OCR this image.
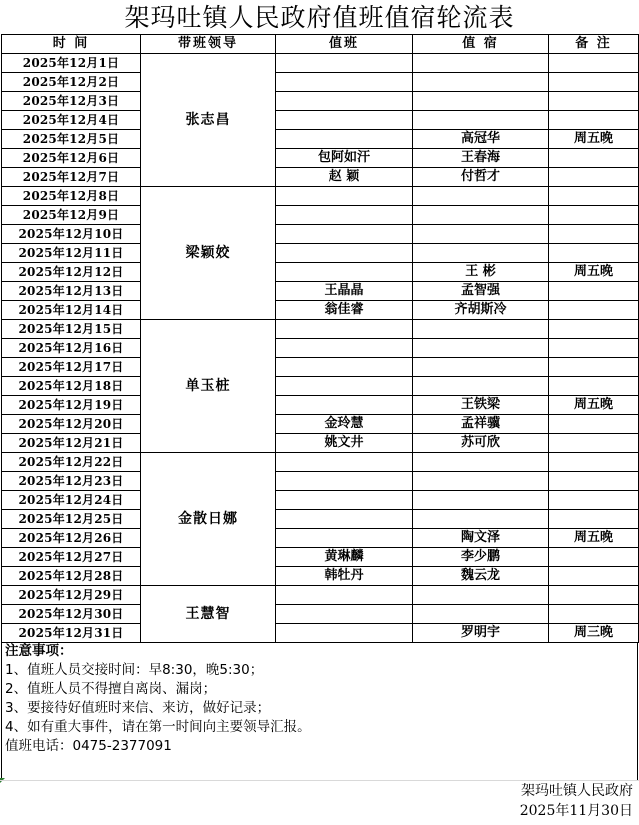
架玛吐镇人民政府值班值宿轮流表
时 间	带班领导	值班	值 宿	备 注
2025年12月1日	张志昌			
2025年12月2日				
2025年12月3日				
2025年12月4日				
2025年12月5日			高冠华	周五晚
2025年12月6日		包阿如汗	王春海	
2025年12月7日		赵 颖	付哲才	
2025年12月8日	梁颖姣			
2025年12月9日				
2025年12月10日				
2025年12月11日				
2025年12月12日			王 彬	周五晚
2025年12月13日		王晶晶	孟智强	
2025年12月14日		翁佳睿	齐胡斯冷	
2025年12月15日	单玉桩			
2025年12月16日				
2025年12月17日				
2025年12月18日				
2025年12月19日			王铁梁	周五晚
2025年12月20日		金玲慧	孟祥骥	
2025年12月21日		姚文井	苏可欣	
2025年12月22日	金散日娜			
2025年12月23日				
2025年12月24日				
2025年12月25日				
2025年12月26日			陶文泽	周五晚
2025年12月27日		黄琳麟	李少鹏	
2025年12月28日		韩牡丹	魏云龙	
2025年12月29日	王慧智			
2025年12月30日				
2025年12月31日			罗明宇	周三晚
注意事项：
1、值班人员交接时间：早8:30，晚5:30；
2、值班人员不得擅自离岗、漏岗；
3、要接待好值班时来信、来访，做好记录；
4、如有重大事件，请在第一时间向主要领导汇报。
值班电话：0475-2377091
架玛吐镇人民政府
2025年11月30日
